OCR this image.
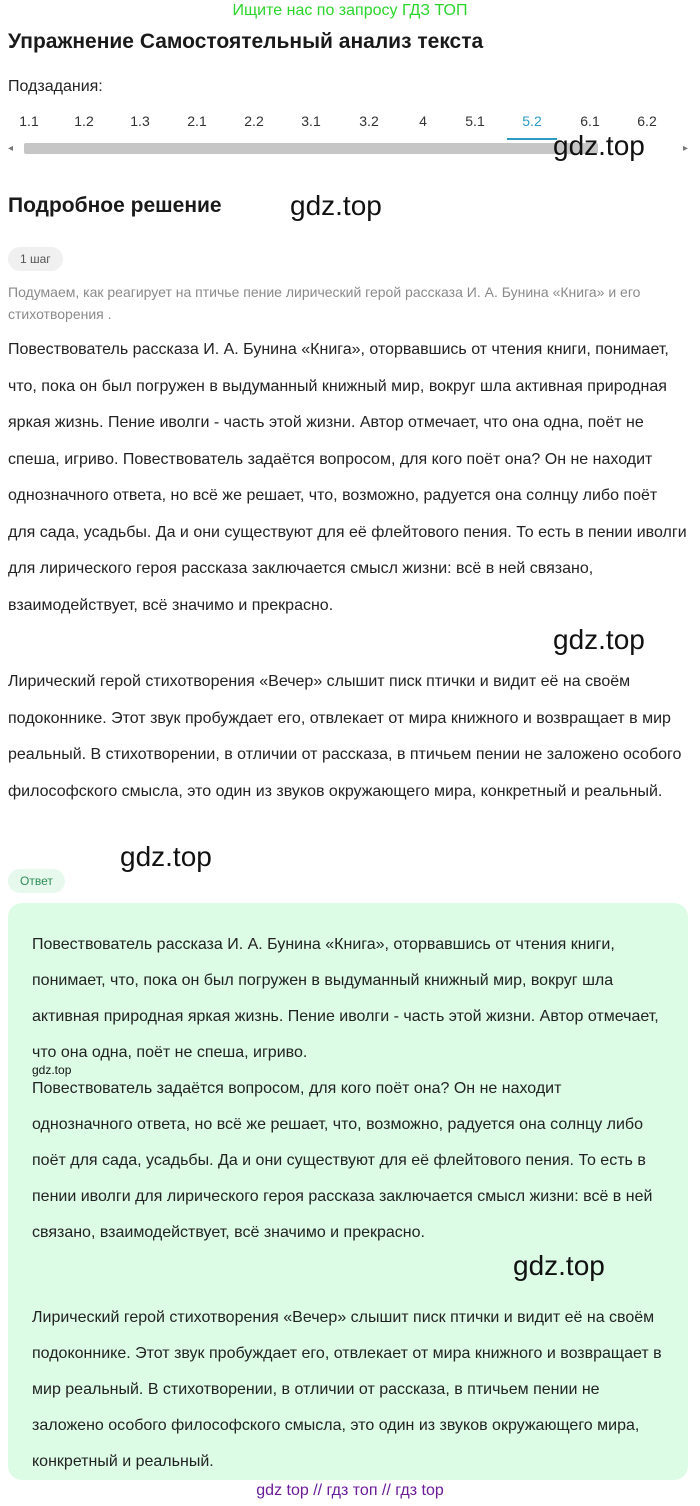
Ищите нас по запросу ГДЗ ТОП
Упражнение Самостоятельный анализ текста
Подзадания:
1.1	1.2	1.3	2.1	2.2	3.1	3.2	4	5.1	5.2	6.1	6.2
◂	▸
gdz.top
Подробное решение gdz.top
1 шаг
Подумаем, как реагирует на птичье пение лирический герой рассказа И. А. Бунина «Книга» и его стихотворения .

Повествователь рассказа И. А. Бунина «Книга», оторвавшись от чтения книги, понимает, что, пока он был погружен в выдуманный книжный мир, вокруг шла активная природная яркая жизнь. Пение иволги - часть этой жизни. Автор отмечает, что она одна, поёт не спеша, игриво. Повествователь задаётся вопросом, для кого поёт она? Он не находит однозначного ответа, но всё же решает, что, возможно, радуется она солнцу либо поёт для сада, усадьбы. Да и они существуют для её флейтового пения. То есть в пении иволги для лирического героя рассказа заключается смысл жизни: всё в ней связано, взаимодействует, всё значимо и прекрасно.

gdz.top

Лирический герой стихотворения «Вечер» слышит писк птички и видит её на своём подоконнике. Этот звук пробуждает его, отвлекает от мира книжного и возвращает в мир реальный. В стихотворении, в отличии от рассказа, в птичьем пении не заложено особого философского смысла, это один из звуков окружающего мира, конкретный и реальный.

gdz.top
Ответ

Повествователь рассказа И. А. Бунина «Книга», оторвавшись от чтения книги, понимает, что, пока он был погружен в выдуманный книжный мир, вокруг шла активная природная яркая жизнь. Пение иволги - часть этой жизни. Автор отмечает, что она одна, поёт не спеша, игриво.

gdz.top

Повествователь задаётся вопросом, для кого поёт она? Он не находит однозначного ответа, но всё же решает, что, возможно, радуется она солнцу либо поёт для сада, усадьбы. Да и они существуют для её флейтового пения. То есть в пении иволги для лирического героя рассказа заключается смысл жизни: всё в ней связано, взаимодействует, всё значимо и прекрасно.

gdz.top

Лирический герой стихотворения «Вечер» слышит писк птички и видит её на своём подоконнике. Этот звук пробуждает его, отвлекает от мира книжного и возвращает в мир реальный. В стихотворении, в отличии от рассказа, в птичьем пении не заложено особого философского смысла, это один из звуков окружающего мира, конкретный и реальный.

gdz top // гдз топ // гдз top
